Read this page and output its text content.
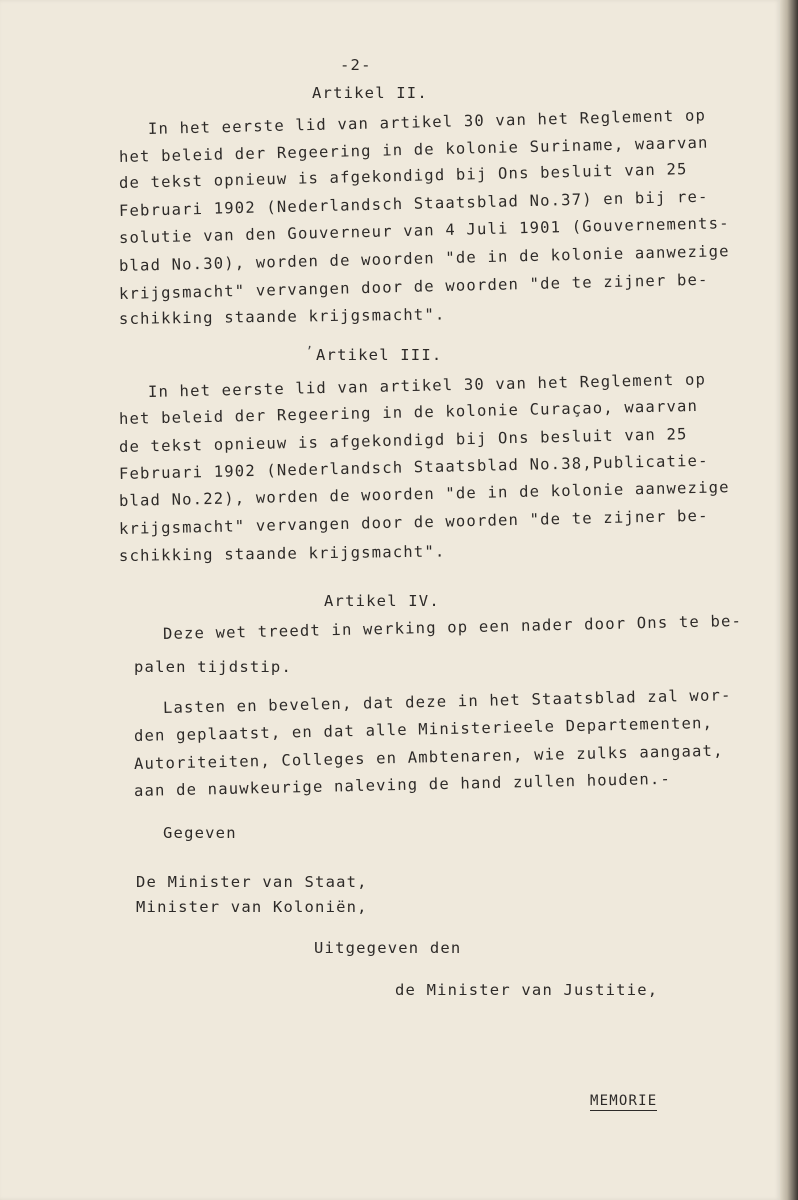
-2-
Artikel II.
In het eerste lid van artikel 30 van het Reglement op
het beleid der Regeering in de kolonie Suriname, waarvan
de tekst opnieuw is afgekondigd bij Ons besluit van 25
Februari 1902 (Nederlandsch Staatsblad No.37) en bij re-
solutie van den Gouverneur van 4 Juli 1901 (Gouvernements-
blad No.30), worden de woorden "de in de kolonie aanwezige
krijgsmacht" vervangen door de woorden "de te zijner be-
schikking staande krijgsmacht".
,
Artikel III.
In het eerste lid van artikel 30 van het Reglement op
het beleid der Regeering in de kolonie Curaçao, waarvan
de tekst opnieuw is afgekondigd bij Ons besluit van 25
Februari 1902 (Nederlandsch Staatsblad No.38,Publicatie-
blad No.22), worden de woorden "de in de kolonie aanwezige
krijgsmacht" vervangen door de woorden "de te zijner be-
schikking staande krijgsmacht".
Artikel IV.
Deze wet treedt in werking op een nader door Ons te be-
palen tijdstip.
Lasten en bevelen, dat deze in het Staatsblad zal wor-
den geplaatst, en dat alle Ministerieele Departementen,
Autoriteiten, Colleges en Ambtenaren, wie zulks aangaat,
aan de nauwkeurige naleving de hand zullen houden.-
Gegeven
De Minister van Staat,
Minister van Koloniën,
Uitgegeven den
de Minister van Justitie,
MEMORIE
